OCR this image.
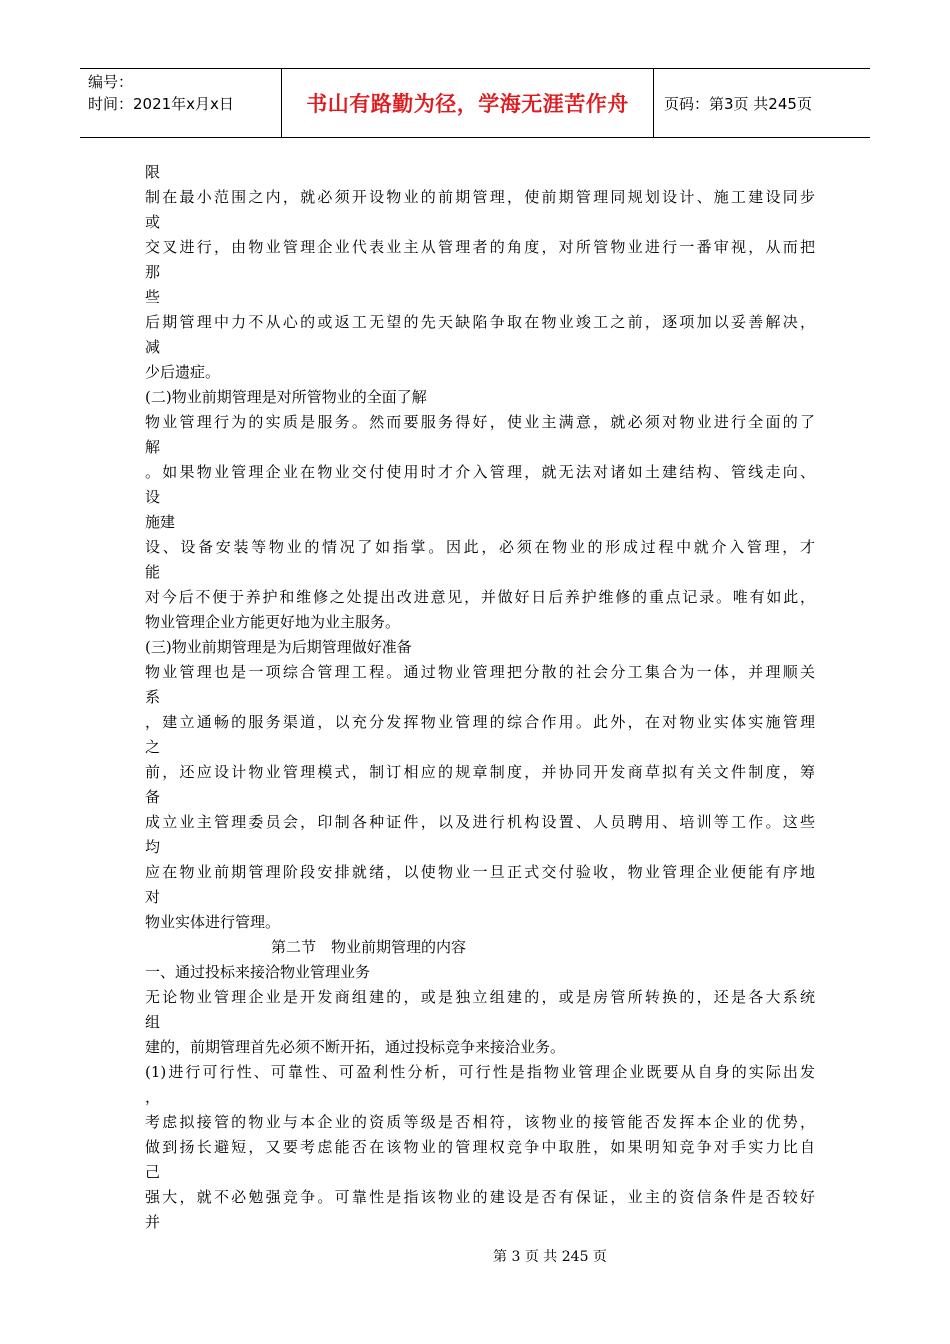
编号：
时间：2021年x月x日	书山有路勤为径，学海无涯苦作舟	页码：第3页 共245页
限
制在最小范围之内，就必须开设物业的前期管理，使前期管理同规划设计、施工建设同步
或
交叉进行，由物业管理企业代表业主从管理者的角度，对所管物业进行一番审视，从而把
那
些
后期管理中力不从心的或返工无望的先天缺陷争取在物业竣工之前，逐项加以妥善解决，
减
少后遗症。
(二)物业前期管理是对所管物业的全面了解
物业管理行为的实质是服务。然而要服务得好，使业主满意，就必须对物业进行全面的了
解
。如果物业管理企业在物业交付使用时才介入管理，就无法对诸如土建结构、管线走向、
设
施建
设、设备安装等物业的情况了如指掌。因此，必须在物业的形成过程中就介入管理，才
能
对今后不便于养护和维修之处提出改进意见，并做好日后养护维修的重点记录。唯有如此，
物业管理企业方能更好地为业主服务。
(三)物业前期管理是为后期管理做好准备
物业管理也是一项综合管理工程。通过物业管理把分散的社会分工集合为一体，并理顺关
系
，建立通畅的服务渠道，以充分发挥物业管理的综合作用。此外，在对物业实体实施管理
之
前，还应设计物业管理模式，制订相应的规章制度，并协同开发商草拟有关文件制度，筹
备
成立业主管理委员会，印制各种证件，以及进行机构设置、人员聘用、培训等工作。这些
均
应在物业前期管理阶段安排就绪，以使物业一旦正式交付验收，物业管理企业便能有序地
对
物业实体进行管理。
第二节　物业前期管理的内容
一、通过投标来接洽物业管理业务
无论物业管理企业是开发商组建的，或是独立组建的，或是房管所转换的，还是各大系统
组
建的，前期管理首先必须不断开拓，通过投标竞争来接洽业务。
(1)进行可行性、可靠性、可盈利性分析，可行性是指物业管理企业既要从自身的实际出发
，
考虑拟接管的物业与本企业的资质等级是否相符，该物业的接管能否发挥本企业的优势，
做到扬长避短，又要考虑能否在该物业的管理权竞争中取胜，如果明知竞争对手实力比自
己
强大，就不必勉强竞争。可靠性是指该物业的建设是否有保证，业主的资信条件是否较好
并
第 3 页 共 245 页
